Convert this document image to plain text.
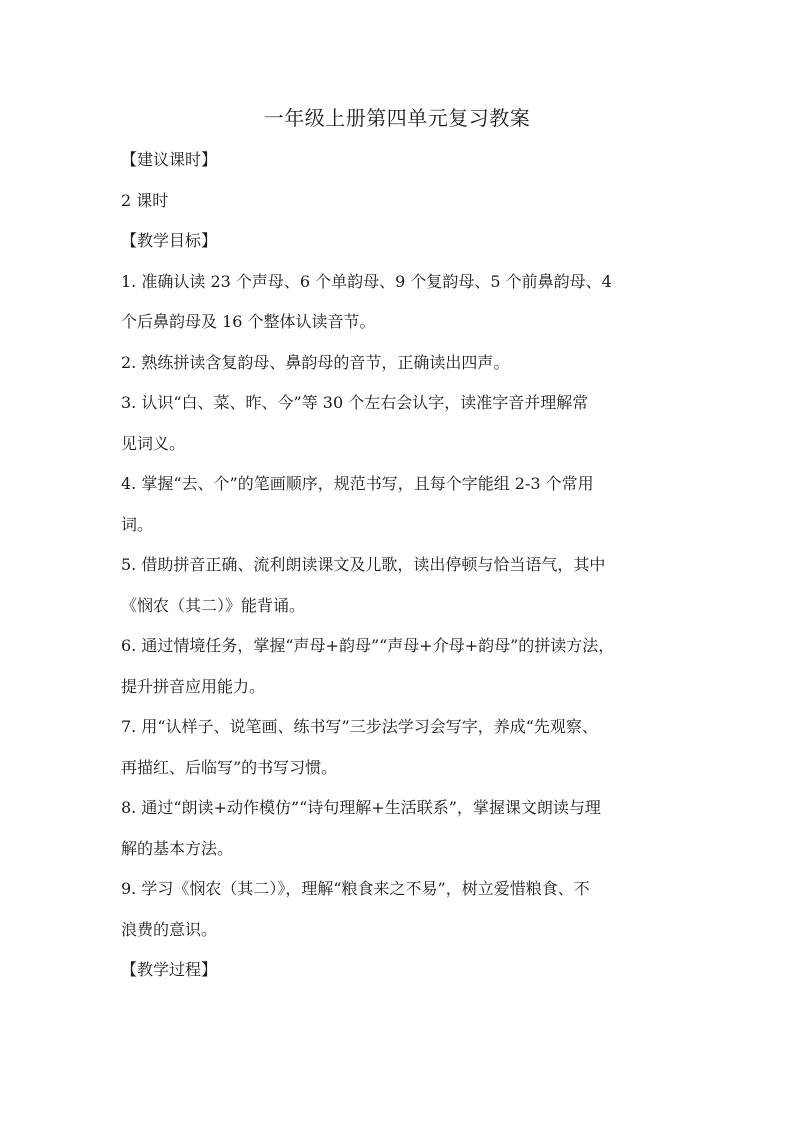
一年级上册第四单元复习教案

【建议课时】

2 课时

【教学目标】

1. 准确认读 23 个声母、6 个单韵母、9 个复韵母、5 个前鼻韵母、4
个后鼻韵母及 16 个整体认读音节。

2. 熟练拼读含复韵母、鼻韵母的音节，正确读出四声。

3. 认识“白、菜、昨、今”等 30 个左右会认字，读准字音并理解常
见词义。

4. 掌握“去、个”的笔画顺序，规范书写，且每个字能组 2-3 个常用
词。

5. 借助拼音正确、流利朗读课文及儿歌，读出停顿与恰当语气，其中
《悯农（其二）》能背诵。

6. 通过情境任务，掌握“声母+韵母”“声母+介母+韵母”的拼读方法，
提升拼音应用能力。

7. 用“认样子、说笔画、练书写”三步法学习会写字，养成“先观察、
再描红、后临写”的书写习惯。

8. 通过“朗读+动作模仿”“诗句理解+生活联系”，掌握课文朗读与理
解的基本方法。

9. 学习《悯农（其二）》，理解“粮食来之不易”，树立爱惜粮食、不
浪费的意识。

【教学过程】
